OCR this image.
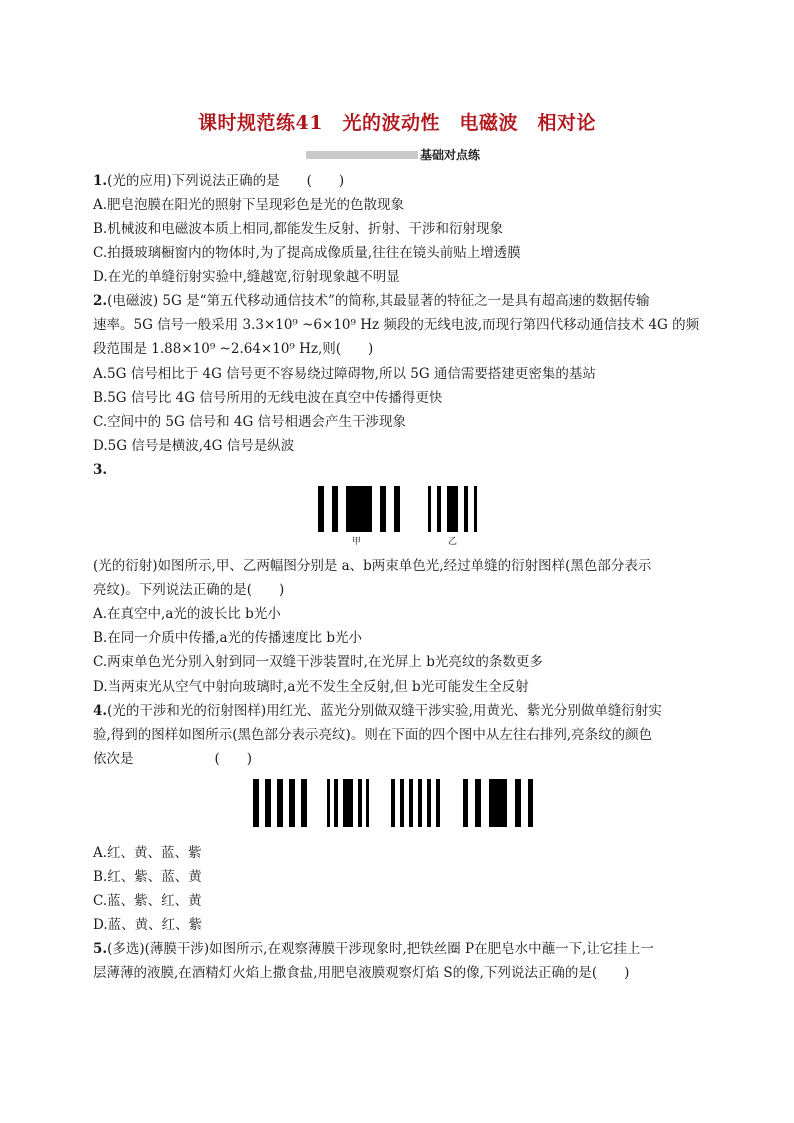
课时规范练41　光的波动性　电磁波　相对论
基础对点练
1.(光的应用)下列说法正确的是　　(　　)
A.肥皂泡膜在阳光的照射下呈现彩色是光的色散现象
B.机械波和电磁波本质上相同,都能发生反射、折射、干涉和衍射现象
C.拍摄玻璃橱窗内的物体时,为了提高成像质量,往往在镜头前贴上增透膜
D.在光的单缝衍射实验中,缝越宽,衍射现象越不明显
2.(电磁波) 5G 是“第五代移动通信技术”的简称,其最显著的特征之一是具有超高速的数据传输
速率。5G 信号一般采用 3.3×10⁹ ~6×10⁹ Hz 频段的无线电波,而现行第四代移动通信技术 4G 的频
段范围是 1.88×10⁹ ~2.64×10⁹ Hz,则(　　)
A.5G 信号相比于 4G 信号更不容易绕过障碍物,所以 5G 通信需要搭建更密集的基站
B.5G 信号比 4G 信号所用的无线电波在真空中传播得更快
C.空间中的 5G 信号和 4G 信号相遇会产生干涉现象
D.5G 信号是横波,4G 信号是纵波
3.
甲	乙
(光的衍射)如图所示,甲、乙两幅图分别是 a、b两束单色光,经过单缝的衍射图样(黑色部分表示
亮纹)。下列说法正确的是(　　)
A.在真空中,a光的波长比 b光小
B.在同一介质中传播,a光的传播速度比 b光小
C.两束单色光分别入射到同一双缝干涉装置时,在光屏上 b光亮纹的条数更多
D.当两束光从空气中射向玻璃时,a光不发生全反射,但 b光可能发生全反射
4.(光的干涉和光的衍射图样)用红光、蓝光分别做双缝干涉实验,用黄光、紫光分别做单缝衍射实
验,得到的图样如图所示(黑色部分表示亮纹)。则在下面的四个图中从左往右排列,亮条纹的颜色
依次是　　　　　　(　　)
A.红、黄、蓝、紫
B.红、紫、蓝、黄
C.蓝、紫、红、黄
D.蓝、黄、红、紫
5.(多选)(薄膜干涉)如图所示,在观察薄膜干涉现象时,把铁丝圈 P在肥皂水中蘸一下,让它挂上一
层薄薄的液膜,在酒精灯火焰上撒食盐,用肥皂液膜观察灯焰 S的像,下列说法正确的是(　　)
